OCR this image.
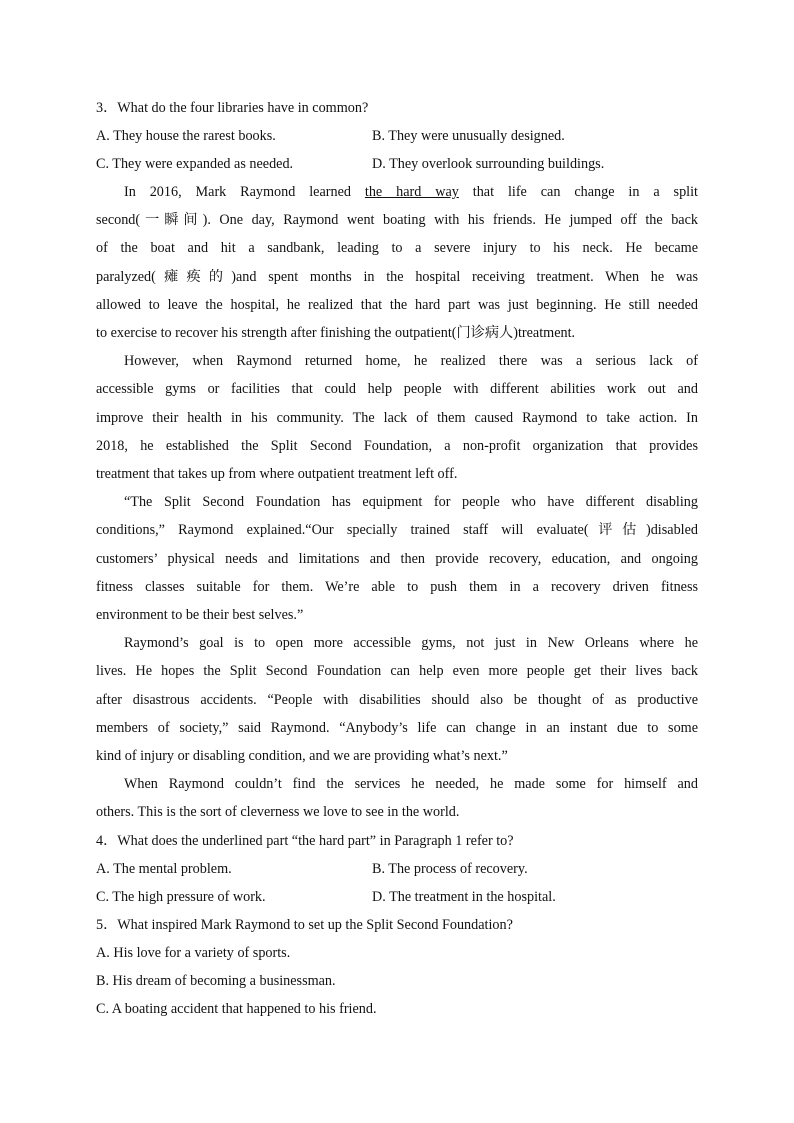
3．What do the four libraries have in common?
A. They house the rarest books.	B. They were unusually designed.
C. They were expanded as needed.	D. They overlook surrounding buildings.
In 2016, Mark Raymond learned the hard way that life can change in a split
second(一瞬间). One day, Raymond went boating with his friends. He jumped off the back
of the boat and hit a sandbank, leading to a severe injury to his neck. He became
paralyzed(瘫痪的)and spent months in the hospital receiving treatment. When he was
allowed to leave the hospital, he realized that the hard part was just beginning. He still needed
to exercise to recover his strength after finishing the outpatient(门诊病人)treatment.
However, when Raymond returned home, he realized there was a serious lack of
accessible gyms or facilities that could help people with different abilities work out and
improve their health in his community. The lack of them caused Raymond to take action. In
2018, he established the Split Second Foundation, a non-profit organization that provides
treatment that takes up from where outpatient treatment left off.
“The Split Second Foundation has equipment for people who have different disabling
conditions,” Raymond explained.“Our specially trained staff will evaluate(评估)disabled
customers’ physical needs and limitations and then provide recovery, education, and ongoing
fitness classes suitable for them. We’re able to push them in a recovery driven fitness
environment to be their best selves.”
Raymond’s goal is to open more accessible gyms, not just in New Orleans where he
lives. He hopes the Split Second Foundation can help even more people get their lives back
after disastrous accidents. “People with disabilities should also be thought of as productive
members of society,” said Raymond. “Anybody’s life can change in an instant due to some
kind of injury or disabling condition, and we are providing what’s next.”
When Raymond couldn’t find the services he needed, he made some for himself and
others. This is the sort of cleverness we love to see in the world.
4．What does the underlined part “the hard part” in Paragraph 1 refer to?
A. The mental problem.	B. The process of recovery.
C. The high pressure of work.	D. The treatment in the hospital.
5．What inspired Mark Raymond to set up the Split Second Foundation?
A. His love for a variety of sports.
B. His dream of becoming a businessman.
C. A boating accident that happened to his friend.
